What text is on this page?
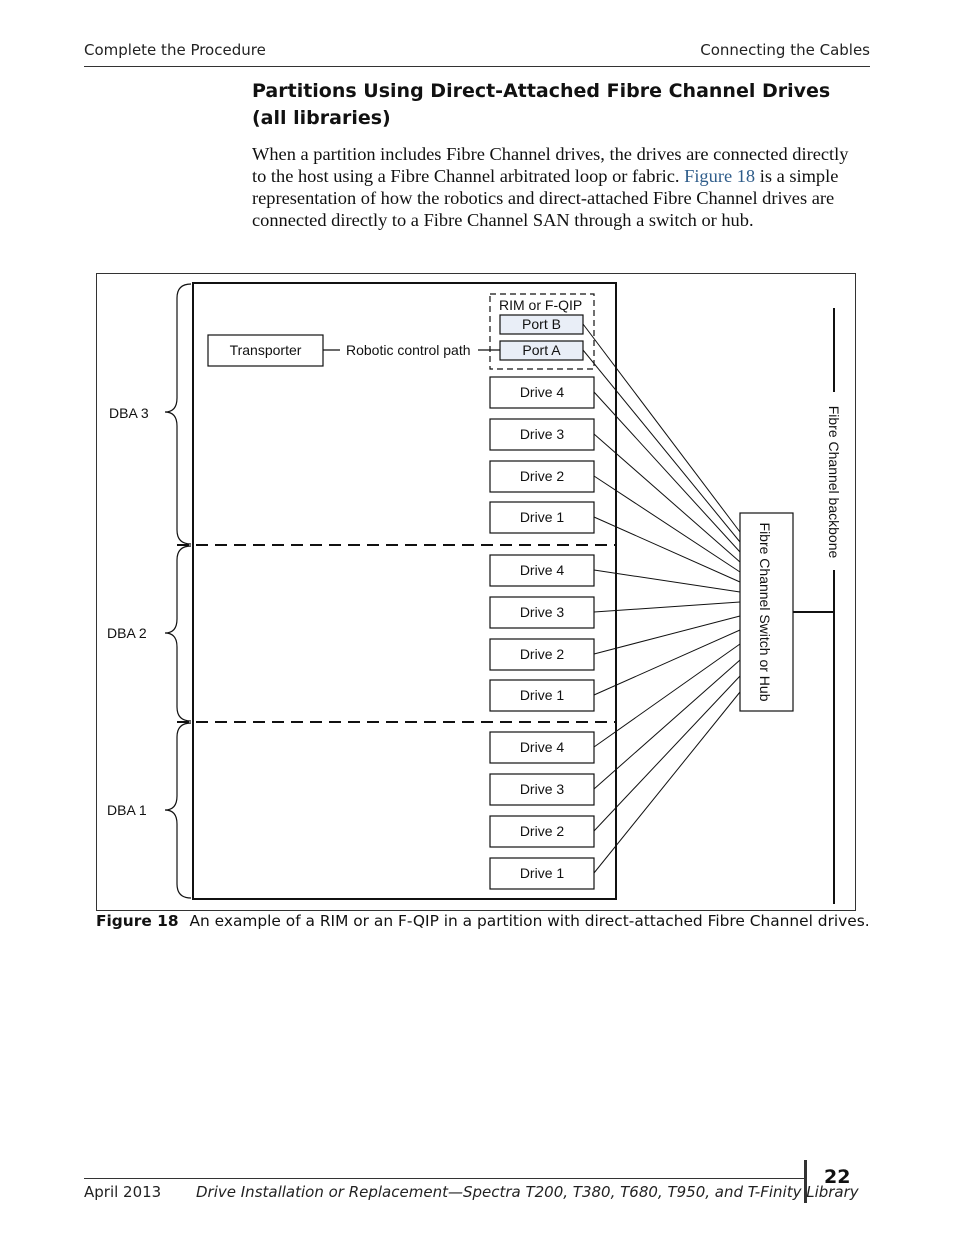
Complete the Procedure	Connecting the Cables
Partitions Using Direct-Attached Fibre Channel Drives (all libraries)
When a partition includes Fibre Channel drives, the drives are connected directly to the host using a Fibre Channel arbitrated loop or fabric. Figure 18 is a simple representation of how the robotics and direct-attached Fibre Channel drives are connected directly to a Fibre Channel SAN through a switch or hub.
DBA 3
DBA 2
DBA 1
RIM or F-QIP
Port B
Port A
Transporter	Robotic control path
Drive 4
Drive 3
Drive 2
Drive 1
Drive 4
Drive 3
Drive 2
Drive 1
Drive 4
Drive 3
Drive 2
Drive 1
Fibre Channel Switch or Hub
Fibre Channel backbone
Figure 18 An example of a RIM or an F-QIP in a partition with direct-attached Fibre Channel drives.
April 2013 Drive Installation or Replacement—Spectra T200, T380, T680, T950, and T-Finity Library
22
